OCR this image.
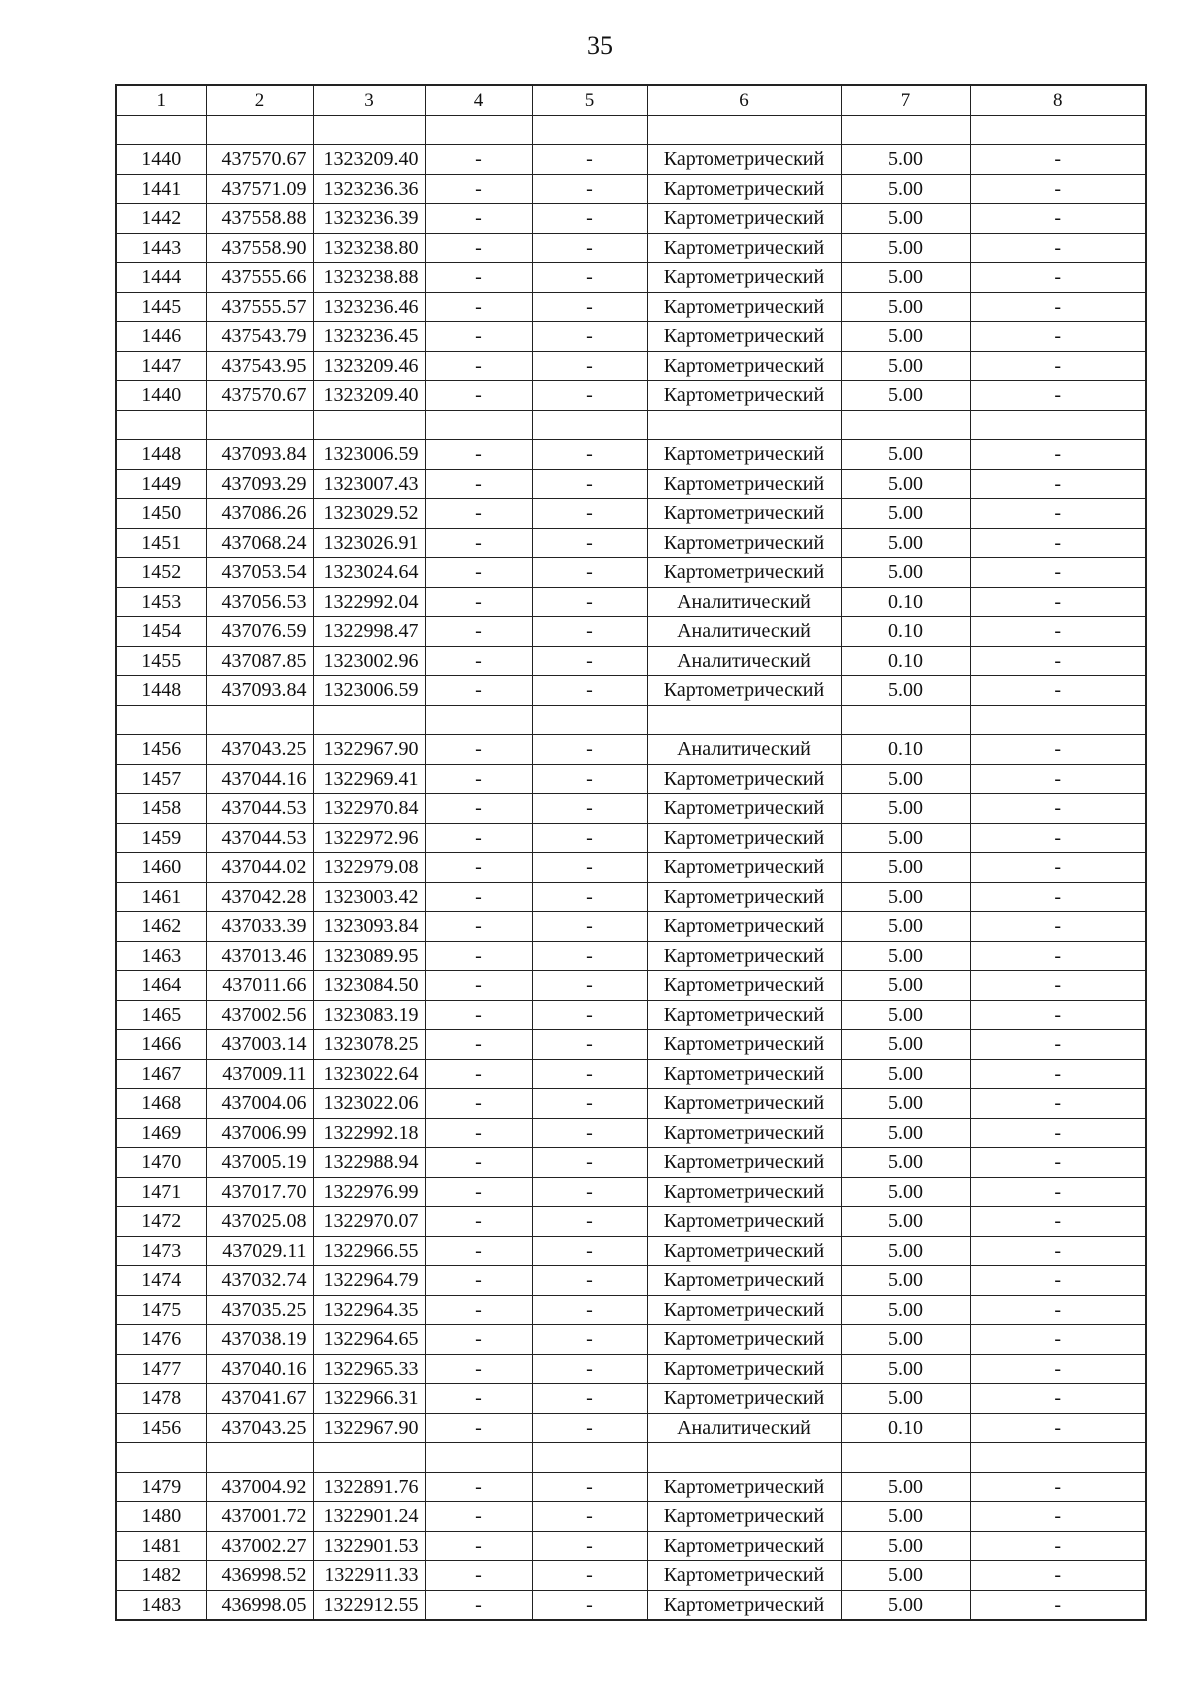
35
1	2	3	4	5	6	7	8

1440	437570.67	1323209.40	-	-	Картометрический	5.00	-
1441	437571.09	1323236.36	-	-	Картометрический	5.00	-
1442	437558.88	1323236.39	-	-	Картометрический	5.00	-
1443	437558.90	1323238.80	-	-	Картометрический	5.00	-
1444	437555.66	1323238.88	-	-	Картометрический	5.00	-
1445	437555.57	1323236.46	-	-	Картометрический	5.00	-
1446	437543.79	1323236.45	-	-	Картометрический	5.00	-
1447	437543.95	1323209.46	-	-	Картометрический	5.00	-
1440	437570.67	1323209.40	-	-	Картометрический	5.00	-

1448	437093.84	1323006.59	-	-	Картометрический	5.00	-
1449	437093.29	1323007.43	-	-	Картометрический	5.00	-
1450	437086.26	1323029.52	-	-	Картометрический	5.00	-
1451	437068.24	1323026.91	-	-	Картометрический	5.00	-
1452	437053.54	1323024.64	-	-	Картометрический	5.00	-
1453	437056.53	1322992.04	-	-	Аналитический	0.10	-
1454	437076.59	1322998.47	-	-	Аналитический	0.10	-
1455	437087.85	1323002.96	-	-	Аналитический	0.10	-
1448	437093.84	1323006.59	-	-	Картометрический	5.00	-

1456	437043.25	1322967.90	-	-	Аналитический	0.10	-
1457	437044.16	1322969.41	-	-	Картометрический	5.00	-
1458	437044.53	1322970.84	-	-	Картометрический	5.00	-
1459	437044.53	1322972.96	-	-	Картометрический	5.00	-
1460	437044.02	1322979.08	-	-	Картометрический	5.00	-
1461	437042.28	1323003.42	-	-	Картометрический	5.00	-
1462	437033.39	1323093.84	-	-	Картометрический	5.00	-
1463	437013.46	1323089.95	-	-	Картометрический	5.00	-
1464	437011.66	1323084.50	-	-	Картометрический	5.00	-
1465	437002.56	1323083.19	-	-	Картометрический	5.00	-
1466	437003.14	1323078.25	-	-	Картометрический	5.00	-
1467	437009.11	1323022.64	-	-	Картометрический	5.00	-
1468	437004.06	1323022.06	-	-	Картометрический	5.00	-
1469	437006.99	1322992.18	-	-	Картометрический	5.00	-
1470	437005.19	1322988.94	-	-	Картометрический	5.00	-
1471	437017.70	1322976.99	-	-	Картометрический	5.00	-
1472	437025.08	1322970.07	-	-	Картометрический	5.00	-
1473	437029.11	1322966.55	-	-	Картометрический	5.00	-
1474	437032.74	1322964.79	-	-	Картометрический	5.00	-
1475	437035.25	1322964.35	-	-	Картометрический	5.00	-
1476	437038.19	1322964.65	-	-	Картометрический	5.00	-
1477	437040.16	1322965.33	-	-	Картометрический	5.00	-
1478	437041.67	1322966.31	-	-	Картометрический	5.00	-
1456	437043.25	1322967.90	-	-	Аналитический	0.10	-

1479	437004.92	1322891.76	-	-	Картометрический	5.00	-
1480	437001.72	1322901.24	-	-	Картометрический	5.00	-
1481	437002.27	1322901.53	-	-	Картометрический	5.00	-
1482	436998.52	1322911.33	-	-	Картометрический	5.00	-
1483	436998.05	1322912.55	-	-	Картометрический	5.00	-
